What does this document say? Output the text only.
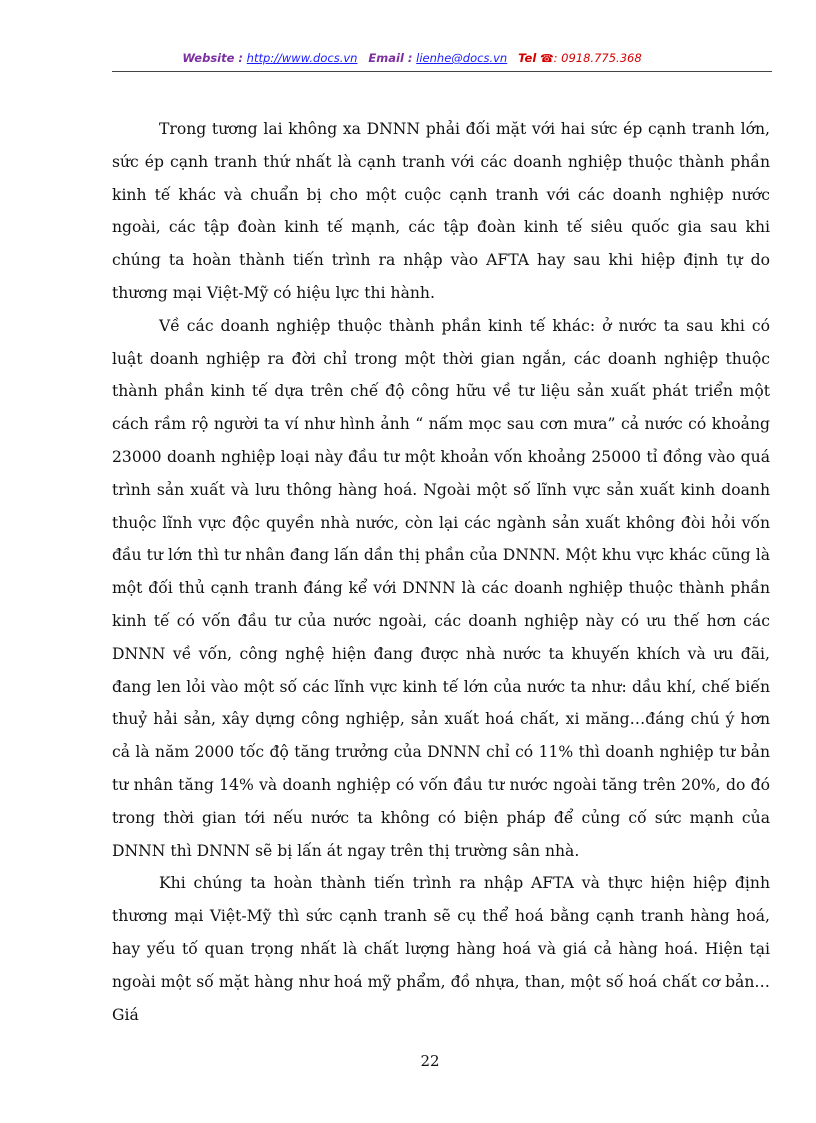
Website : http://www.docs.vn Email : lienhe@docs.vn Tel ☎: 0918.775.368

Trong tương lai không xa DNNN phải đối mặt với hai sức ép cạnh tranh lớn, sức ép cạnh tranh thứ nhất là cạnh tranh với các doanh nghiệp thuộc thành phần kinh tế khác và chuẩn bị cho một cuộc cạnh tranh với các doanh nghiệp nước ngoài, các tập đoàn kinh tế mạnh, các tập đoàn kinh tế siêu quốc gia sau khi chúng ta hoàn thành tiến trình ra nhập vào AFTA hay sau khi hiệp định tự do thương mại Việt-Mỹ có hiệu lực thi hành.

Về các doanh nghiệp thuộc thành phần kinh tế khác: ở nước ta sau khi có luật doanh nghiệp ra đời chỉ trong một thời gian ngắn, các doanh nghiệp thuộc thành phần kinh tế dựa trên chế độ công hữu về tư liệu sản xuất phát triển một cách rầm rộ người ta ví như hình ảnh “ nấm mọc sau cơn mưa” cả nước có khoảng 23000 doanh nghiệp loại này đầu tư một khoản vốn khoảng 25000 tỉ đồng vào quá trình sản xuất và lưu thông hàng hoá. Ngoài một số lĩnh vực sản xuất kinh doanh thuộc lĩnh vực độc quyền nhà nước, còn lại các ngành sản xuất không đòi hỏi vốn đầu tư lớn thì tư nhân đang lấn dần thị phần của DNNN. Một khu vực khác cũng là một đối thủ cạnh tranh đáng kể với DNNN là các doanh nghiệp thuộc thành phần kinh tế có vốn đầu tư của nước ngoài, các doanh nghiệp này có ưu thế hơn các DNNN về vốn, công nghệ hiện đang được nhà nước ta khuyến khích và ưu đãi, đang len lỏi vào một số các lĩnh vực kinh tế lớn của nước ta như: dầu khí, chế biến thuỷ hải sản, xây dựng công nghiệp, sản xuất hoá chất, xi măng…đáng chú ý hơn cả là năm 2000 tốc độ tăng trưởng của DNNN chỉ có 11% thì doanh nghiệp tư bản tư nhân tăng 14% và doanh nghiệp có vốn đầu tư nước ngoài tăng trên 20%, do đó trong thời gian tới nếu nước ta không có biện pháp để củng cố sức mạnh của DNNN thì DNNN sẽ bị lấn át ngay trên thị trường sân nhà.

Khi chúng ta hoàn thành tiến trình ra nhập AFTA và thực hiện hiệp định thương mại Việt-Mỹ thì sức cạnh tranh sẽ cụ thể hoá bằng cạnh tranh hàng hoá, hay yếu tố quan trọng nhất là chất lượng hàng hoá và giá cả hàng hoá. Hiện tại ngoài một số mặt hàng như hoá mỹ phẩm, đồ nhựa, than, một số hoá chất cơ bản…Giá

22
